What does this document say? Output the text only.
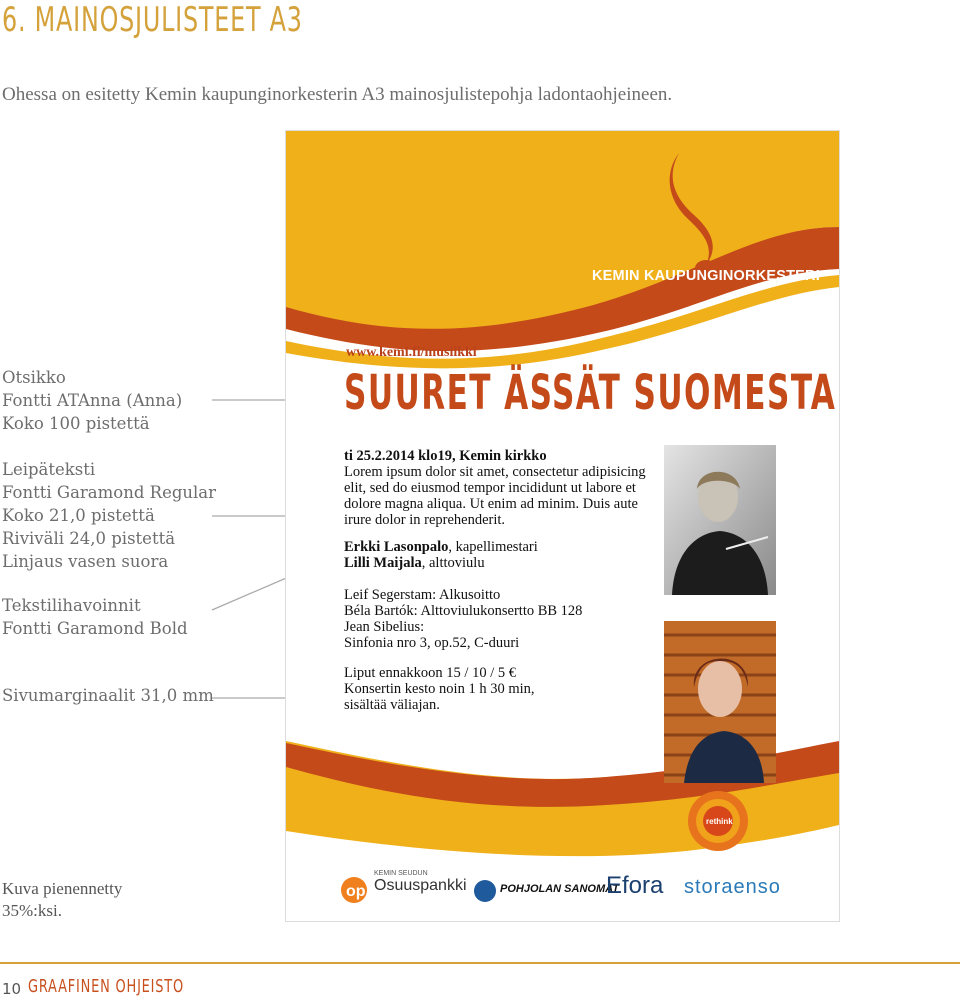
6. MAINOSJULISTEET A3
Ohessa on esitetty Kemin kaupunginorkesterin A3 mainosjulistepohja ladontaohjeineen.
Otsikko
Fontti ATAnna (Anna)
Koko 100 pistettä
Leipäteksti
Fontti Garamond Regular
Koko 21,0 pistettä
Riviväli 24,0 pistettä
Linjaus vasen suora
Tekstilihavoinnit
Fontti Garamond Bold
Sivumarginaalit 31,0 mm
KEMIN KAUPUNGINORKESTERI
www.kemi.fi/musiikki
SUURET ÄSSÄT SUOMESTA
ti 25.2.2014 klo19, Kemin kirkko
Lorem ipsum dolor sit amet, consectetur adipisicing
elit, sed do eiusmod tempor incididunt ut labore et
dolore magna aliqua. Ut enim ad minim. Duis aute
irure dolor in reprehenderit.
Erkki Lasonpalo, kapellimestari
Lilli Maijala, alttoviulu
Leif Segerstam: Alkusoitto
Béla Bartók: Alttoviulukonsertto BB 128
Jean Sibelius:
Sinfonia nro 3, op.52, C-duuri
Liput ennakkoon 15 / 10 / 5 €
Konsertin kesto noin 1 h 30 min,
sisältää väliajan.
op
KEMIN SEUDUN
Osuuspankki	POHJOLAN SANOMAT
Efora storaenso
rethink
Kuva pienennetty
35%:ksi.
10 GRAAFINEN OHJEISTO
